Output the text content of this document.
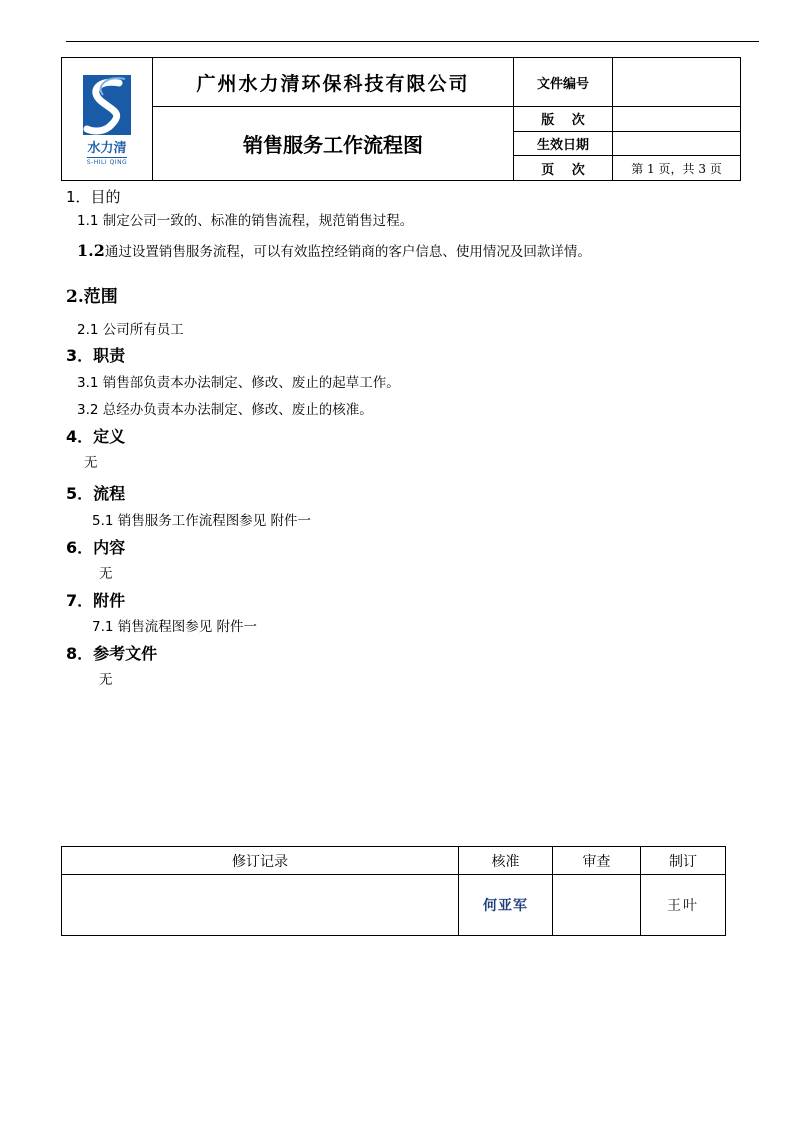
水力清
S-HILI QING	广州水力清环保科技有限公司	文件编号	
	销售服务工作流程图	版　 次	
		生效日期	
		页　 次	第 1 页，共 3 页
1．目的
1.1 制定公司一致的、标准的销售流程，规范销售过程。
1.2通过设置销售服务流程，可以有效监控经销商的客户信息、使用情况及回款详情。
2.范围
2.1 公司所有员工
3．职责
3.1 销售部负责本办法制定、修改、废止的起草工作。
3.2 总经办负责本办法制定、修改、废止的核准。
4．定义
无
5．流程
5.1 销售服务工作流程图参见 附件一
6．内容
无
7．附件
7.1 销售流程图参见 附件一
8．参考文件
无
修订记录	核准	审查	制订
	何亚军		王叶
